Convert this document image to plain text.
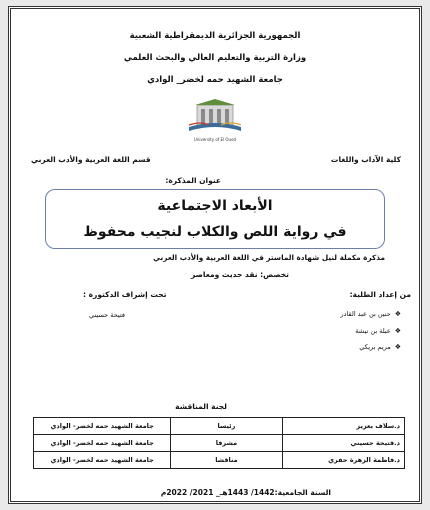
الجمهورية الجزائرية الديمقراطية الشعبية
وزارة التربية والتعليم العالي والبحث العلمي
جامعة الشهيد حمه لخضر_ الوادي
University of El Oued
كلية الآداب واللغات
قسم اللغة العربية والأدب العربي
عنوان المذكرة:
الأبعاد الاجتماعية
في رواية اللص والكلاب لنجيب محفوظ
مذكرة مكملة لنيل شهادة الماستر في اللغة العربية والأدب العربي
تخصص: نقد حديث ومعاصر
من إعداد الطلبة:
تحت إشراف الدكتورة :
❖حنين بن عبد القادر
❖عبلة بن نيشة
❖مريم بريكي
فتيحة حسيني
لجنة المناقشة
د.سلاف بعزيز	رئيسا	جامعة الشهيد حمه لخضر- الوادي
د.فتيحة حسيني	مشرفا	جامعة الشهيد حمه لخضر- الوادي
د.فاطمة الزهرة حفري	مناقشا	جامعة الشهيد حمه لخضر- الوادي
السنة الجامعية:1442/ 1443هـ_ 2021/ 2022م
